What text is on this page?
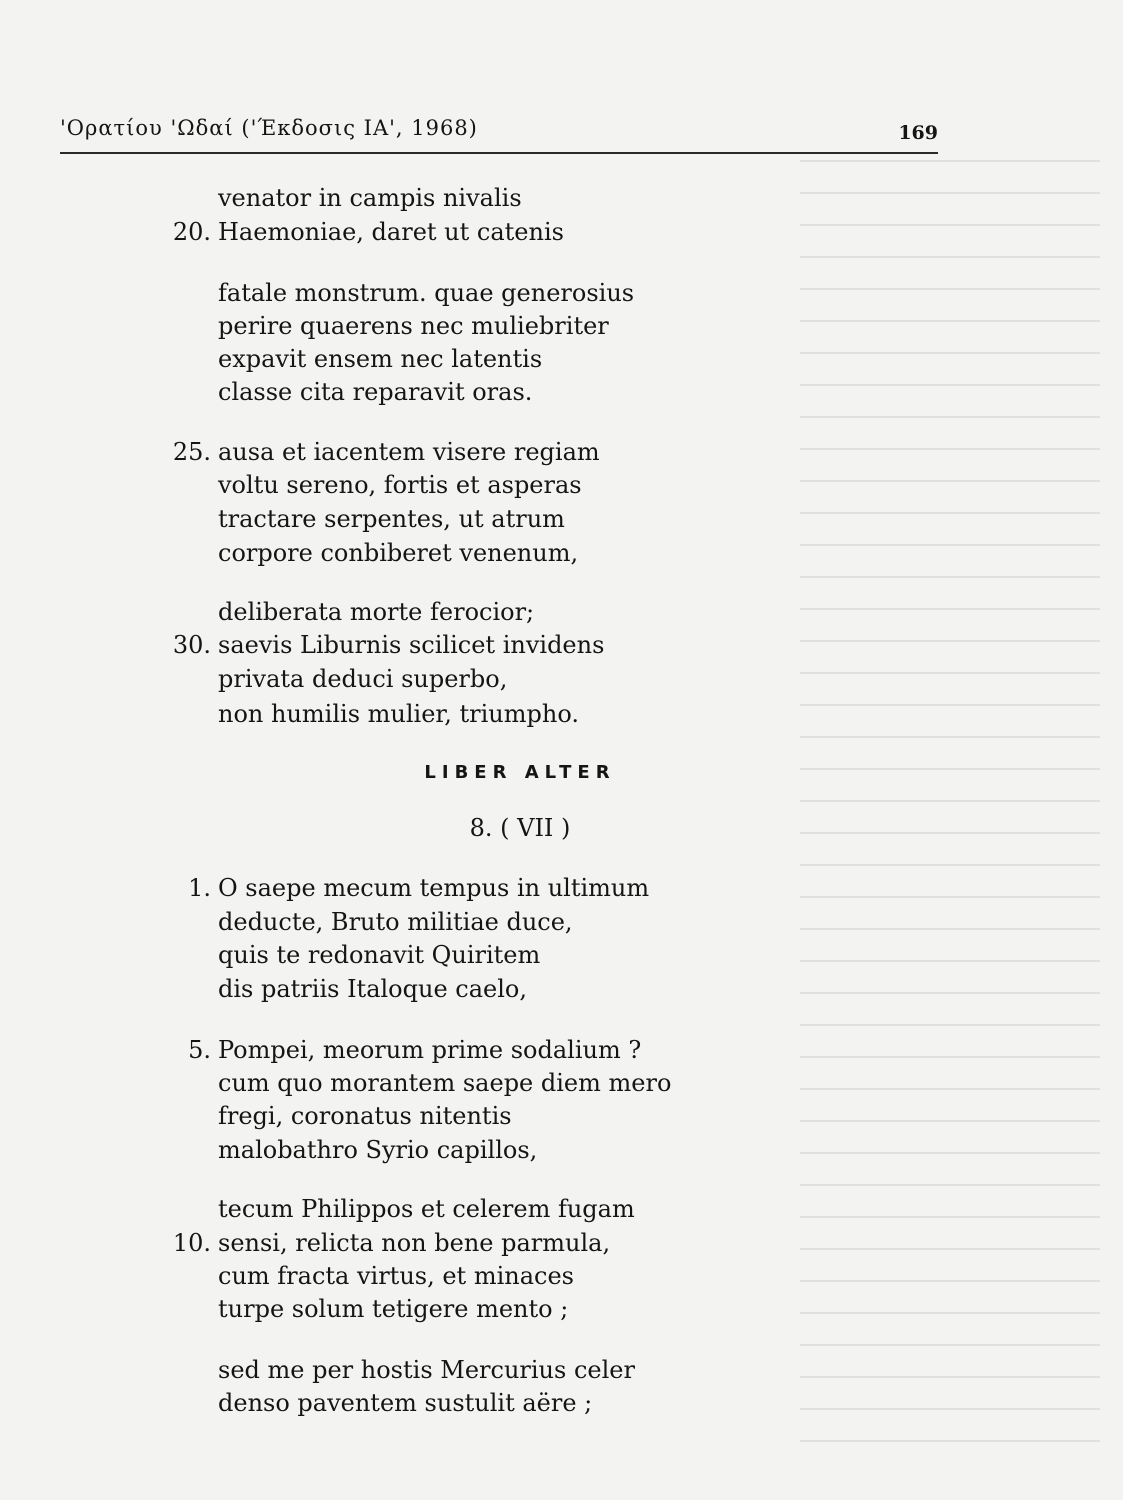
'Ορατίου 'Ωδαί ('Έκδοσις ΙΑ', 1968)	169
venator in campis nivalis
20. Haemoniae, daret ut catenis
fatale monstrum. quae generosius
perire quaerens nec muliebriter
expavit ensem nec latentis
classe cita reparavit oras.
25. ausa et iacentem visere regiam
voltu sereno, fortis et asperas
tractare serpentes, ut atrum
corpore conbiberet venenum,
deliberata morte ferocior;
30. saevis Liburnis scilicet invidens
privata deduci superbo,
non humilis mulier, triumpho.
LIBER ALTER
8. ( VII )
1. O saepe mecum tempus in ultimum
deducte, Bruto militiae duce,
quis te redonavit Quiritem
dis patriis Italoque caelo,
5. Pompei, meorum prime sodalium ?
cum quo morantem saepe diem mero
fregi, coronatus nitentis
malobathro Syrio capillos,
tecum Philippos et celerem fugam
10. sensi, relicta non bene parmula,
cum fracta virtus, et minaces
turpe solum tetigere mento ;
sed me per hostis Mercurius celer
denso paventem sustulit aëre ;
